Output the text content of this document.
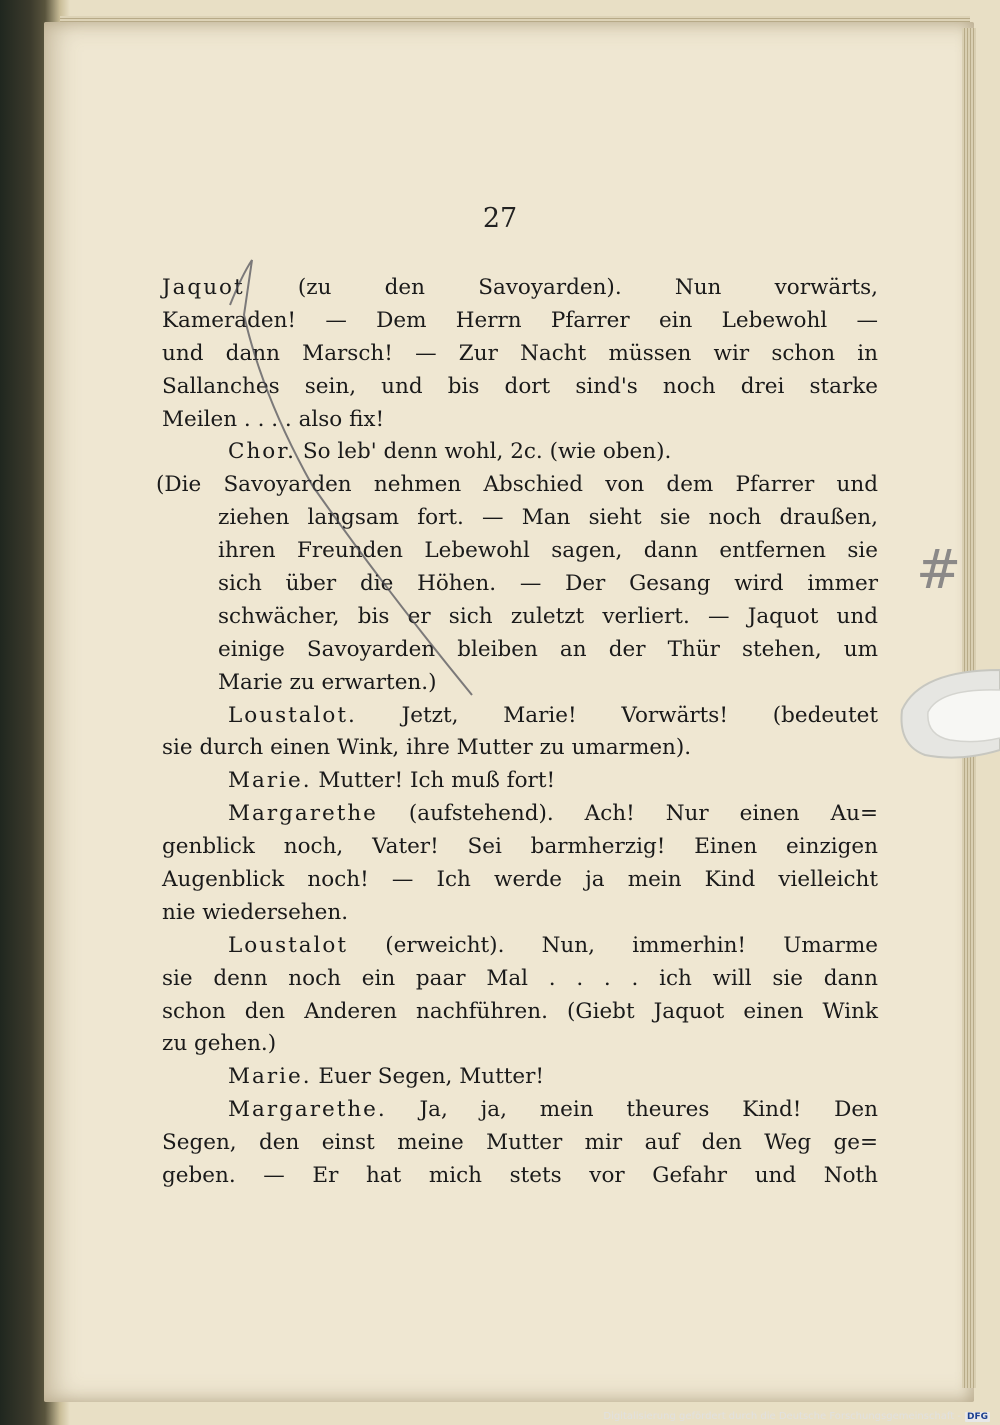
27
Jaquot (zu den Savoyarden). Nun vorwärts,
Kameraden! — Dem Herrn Pfarrer ein Lebewohl —
und dann Marsch! — Zur Nacht müssen wir schon in
Sallanches sein, und bis dort sind's noch drei starke
Meilen . . . . also fix!
Chor. So leb' denn wohl, 2c. (wie oben).
(Die Savoyarden nehmen Abschied von dem Pfarrer und
ziehen langsam fort. — Man sieht sie noch draußen,
ihren Freunden Lebewohl sagen, dann entfernen sie
sich über die Höhen. — Der Gesang wird immer
schwächer, bis er sich zuletzt verliert. — Jaquot und
einige Savoyarden bleiben an der Thür stehen, um
Marie zu erwarten.)
Loustalot. Jetzt, Marie! Vorwärts! (bedeutet
sie durch einen Wink, ihre Mutter zu umarmen).
Marie. Mutter! Ich muß fort!
Margarethe (aufstehend). Ach! Nur einen Au=
genblick noch, Vater! Sei barmherzig! Einen einzigen
Augenblick noch! — Ich werde ja mein Kind vielleicht
nie wiedersehen.
Loustalot (erweicht). Nun, immerhin! Umarme
sie denn noch ein paar Mal . . . . ich will sie dann
schon den Anderen nachführen. (Giebt Jaquot einen Wink
zu gehen.)
Marie. Euer Segen, Mutter!
Margarethe. Ja, ja, mein theures Kind! Den
Segen, den einst meine Mutter mir auf den Weg ge=
geben. — Er hat mich stets vor Gefahr und Noth
#
Digitalisierung gefördert durch die Deutsche Forschungsgemeinschaft - DFG
